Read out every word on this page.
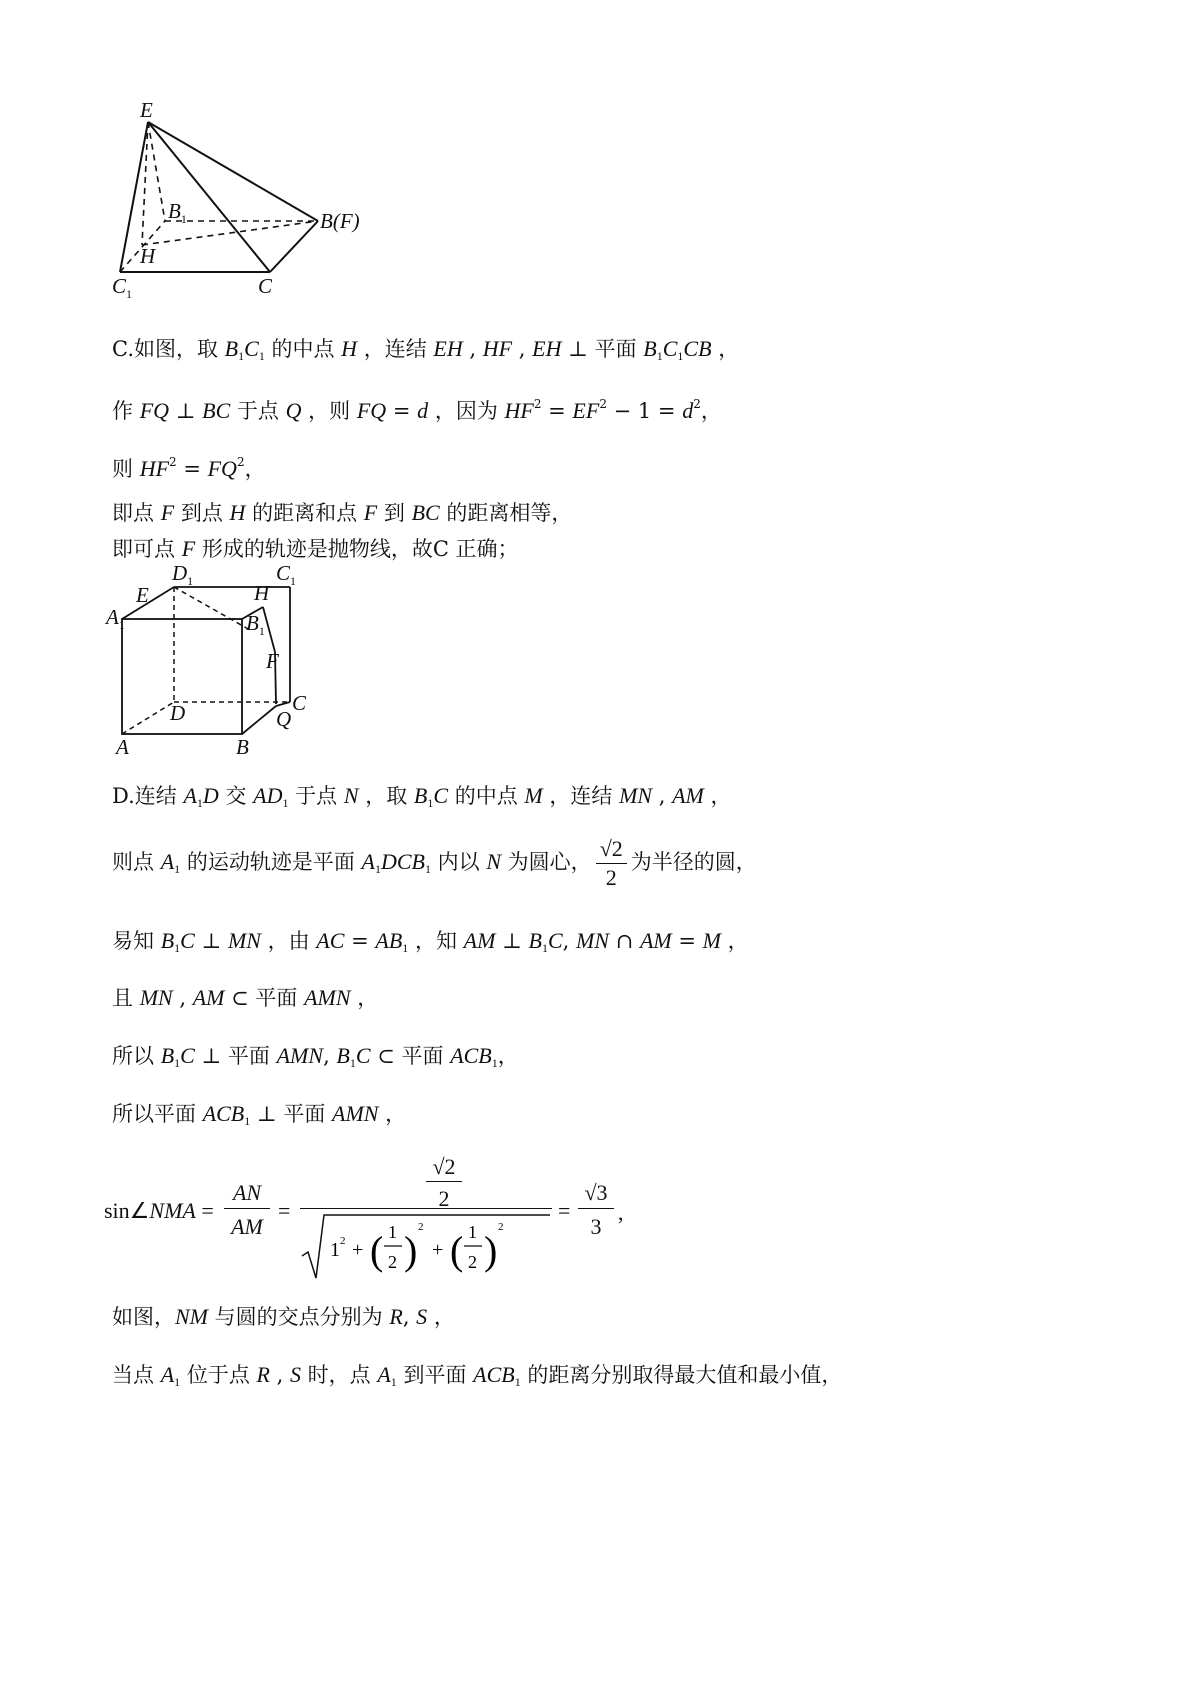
E
$B_1$	B(F)
H
$C_1$	C
C.如图，取 $B_1C_1$ 的中点 H ，连结 EH , HF , EH ⊥ 平面 $B_1C_1CB$ ，
作 FQ ⊥ BC 于点 Q ，则 FQ = d ，因为 $HF^2 = EF^2 - 1 = d^2$，
则 $HF^2 = FQ^2$，
即点 F 到点 H 的距离和点 F 到 BC 的距离相等，
即可点 F 形成的轨迹是抛物线，故C 正确；
$D_1$	$C_1$
E	H
$A_1$	$B_1$
F
D	C
Q
A	B
D.连结 $A_1D$ 交 $AD_1$ 于点 N ，取 $B_1C$ 的中点 M ，连结 MN , AM ，
则点 $A_1$ 的运动轨迹是平面 $A_1DCB_1$ 内以 N 为圆心， $\frac{√2}{2}$ 为半径的圆，
易知 $B_1C$ ⊥ MN ，由 AC = $AB_1$ ，知 AM ⊥ $B_1C$, MN ∩ AM = M ，
且 MN , AM ⊂ 平面 AMN ，
所以 $B_1C$ ⊥ 平面 AMN, $B_1C$ ⊂ 平面 $ACB_1$，
所以平面 $ACB_1$ ⊥ 平面 AMN ，
sin∠NMA =
AN
AM
=
√2
2
1 2 + ( 1
2 )
2
+ ( 1
2 )
2
=
√3
3
,
如图，NM 与圆的交点分别为 R, S ，
当点 $A_1$ 位于点 R , S 时，点 $A_1$ 到平面 $ACB_1$ 的距离分别取得最大值和最小值，
